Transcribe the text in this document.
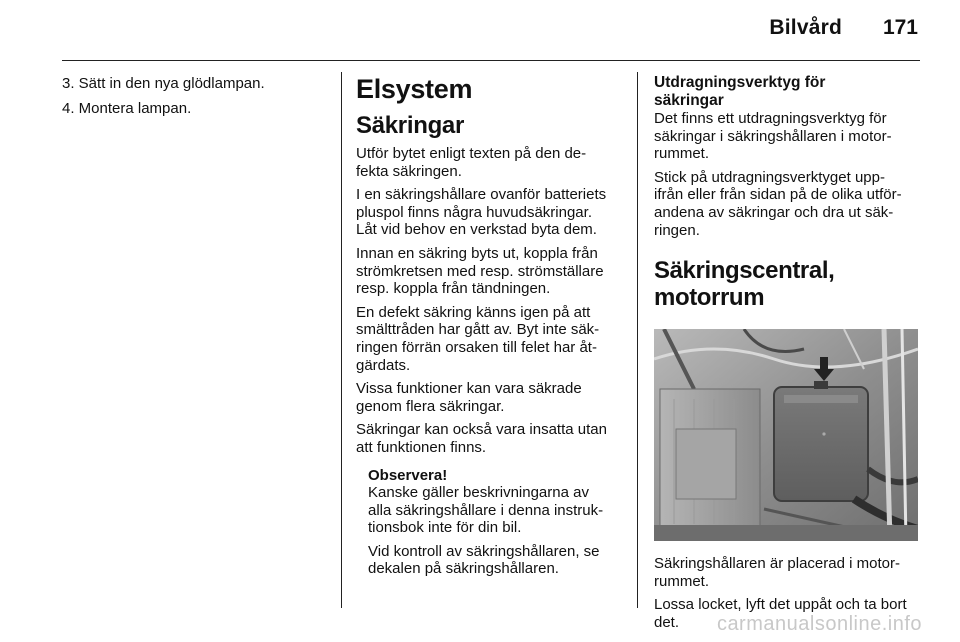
Bilvård 171
3. Sätt in den nya glödlampan.
4. Montera lampan.
Elsystem
Säkringar

Utför bytet enligt texten på den de-
fekta säkringen.

I en säkringshållare ovanför batteriets
pluspol finns några huvudsäkringar.
Låt vid behov en verkstad byta dem.

Innan en säkring byts ut, koppla från
strömkretsen med resp. strömställare
resp. koppla från tändningen.

En defekt säkring känns igen på att
smälttråden har gått av. Byt inte säk-
ringen förrän orsaken till felet har åt-
gärdats.

Vissa funktioner kan vara säkrade
genom flera säkringar.

Säkringar kan också vara insatta utan
att funktionen finns.

Observera!

Kanske gäller beskrivningarna av
alla säkringshållare i denna instruk-
tionsbok inte för din bil.

Vid kontroll av säkringshållaren, se
dekalen på säkringshållaren.

Utdragningsverktyg för
säkringar

Det finns ett utdragningsverktyg för
säkringar i säkringshållaren i motor-
rummet.

Stick på utdragningsverktyget upp-
ifrån eller från sidan på de olika utför-
andena av säkringar och dra ut säk-
ringen.

Säkringscentral, motorrum

Säkringshållaren är placerad i motor-
rummet.

Lossa locket, lyft det uppåt och ta bort
det.	carmanualsonline.info
